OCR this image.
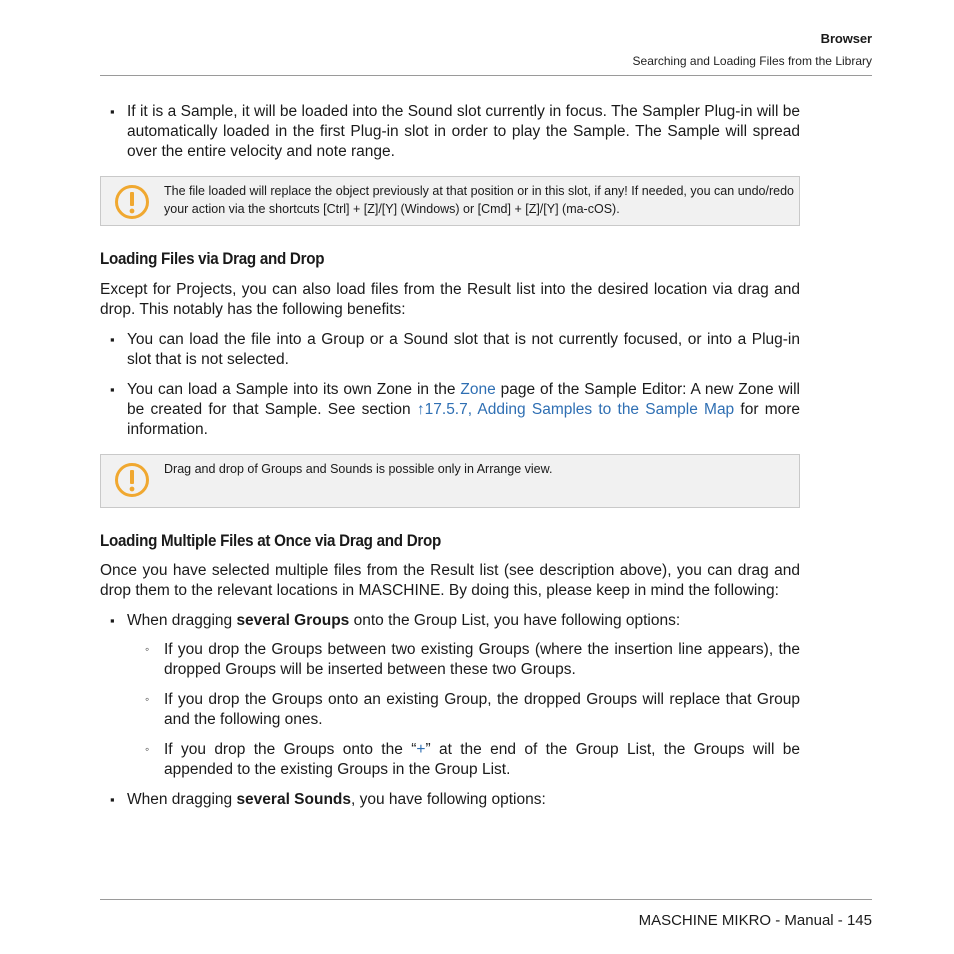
Browser
Searching and Loading Files from the Library

▪ If it is a Sample, it will be loaded into the Sound slot currently in focus. The Sampler Plug-in will be automatically loaded in the first Plug-in slot in order to play the Sample. The Sample will spread over the entire velocity and note range.

The file loaded will replace the object previously at that position or in this slot, if any! If needed, you can undo/redo your action via the shortcuts [Ctrl] + [Z]/[Y] (Windows) or [Cmd] + [Z]/[Y] (ma-cOS).
Loading Files via Drag and Drop

Except for Projects, you can also load files from the Result list into the desired location via drag and drop. This notably has the following benefits:

▪ You can load the file into a Group or a Sound slot that is not currently focused, or into a Plug-in slot that is not selected.

▪ You can load a Sample into its own Zone in the Zone page of the Sample Editor: A new Zone will be created for that Sample. See section ↑17.5.7, Adding Samples to the Sample Map for more information.

Drag and drop of Groups and Sounds is possible only in Arrange view.
Loading Multiple Files at Once via Drag and Drop

Once you have selected multiple files from the Result list (see description above), you can drag and drop them to the relevant locations in MASCHINE. By doing this, please keep in mind the following:

▪ When dragging several Groups onto the Group List, you have following options:

◦ If you drop the Groups between two existing Groups (where the insertion line appears), the dropped Groups will be inserted between these two Groups.

◦ If you drop the Groups onto an existing Group, the dropped Groups will replace that Group and the following ones.

◦ If you drop the Groups onto the “+” at the end of the Group List, the Groups will be appended to the existing Groups in the Group List.

▪ When dragging several Sounds, you have following options:

MASCHINE MIKRO - Manual - 145
